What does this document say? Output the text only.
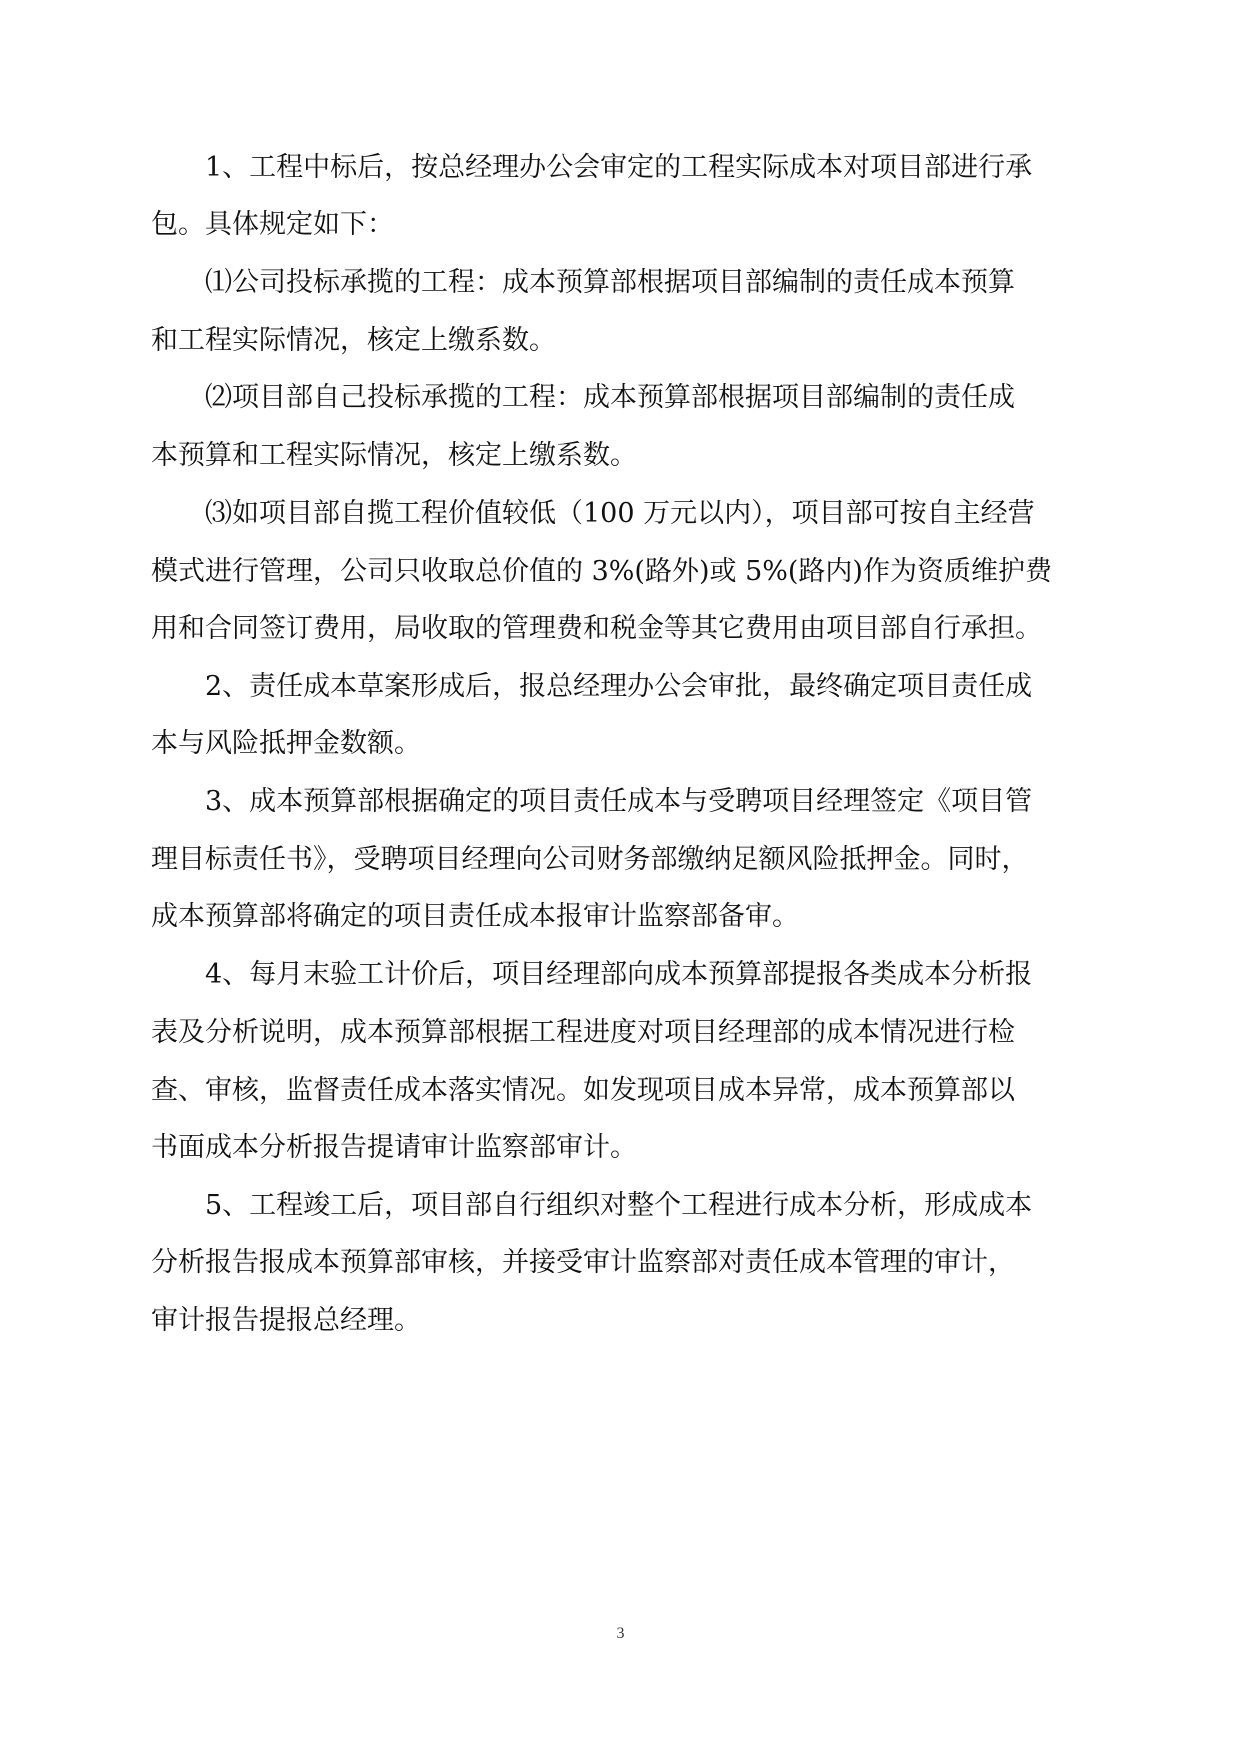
1、工程中标后，按总经理办公会审定的工程实际成本对项目部进行承
包。具体规定如下：
⑴公司投标承揽的工程：成本预算部根据项目部编制的责任成本预算
和工程实际情况，核定上缴系数。
⑵项目部自己投标承揽的工程：成本预算部根据项目部编制的责任成
本预算和工程实际情况，核定上缴系数。
⑶如项目部自揽工程价值较低（100 万元以内），项目部可按自主经营
模式进行管理，公司只收取总价值的 3%(路外)或 5%(路内)作为资质维护费
用和合同签订费用，局收取的管理费和税金等其它费用由项目部自行承担。
2、责任成本草案形成后，报总经理办公会审批，最终确定项目责任成
本与风险抵押金数额。
3、成本预算部根据确定的项目责任成本与受聘项目经理签定《项目管
理目标责任书》，受聘项目经理向公司财务部缴纳足额风险抵押金。同时，
成本预算部将确定的项目责任成本报审计监察部备审。
4、每月末验工计价后，项目经理部向成本预算部提报各类成本分析报
表及分析说明，成本预算部根据工程进度对项目经理部的成本情况进行检
查、审核，监督责任成本落实情况。如发现项目成本异常，成本预算部以
书面成本分析报告提请审计监察部审计。
5、工程竣工后，项目部自行组织对整个工程进行成本分析，形成成本
分析报告报成本预算部审核，并接受审计监察部对责任成本管理的审计，
审计报告提报总经理。
3
